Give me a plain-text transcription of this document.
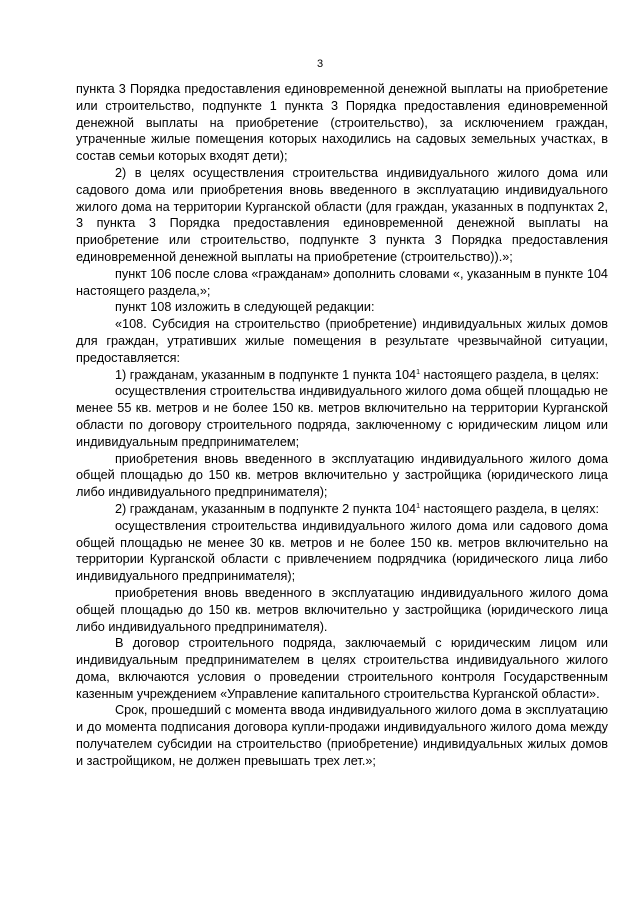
3

пункта 3 Порядка предоставления единовременной денежной выплаты на приобретение или строительство, подпункте 1 пункта 3 Порядка предоставления единовременной денежной выплаты на приобретение (строительство), за исключением граждан, утраченные жилые помещения которых находились на садовых земельных участках, в состав семьи которых входят дети);

2) в целях осуществления строительства индивидуального жилого дома или садового дома или приобретения вновь введенного в эксплуатацию индивидуального жилого дома на территории Курганской области (для граждан, указанных в подпунктах 2, 3 пункта 3 Порядка предоставления единовременной денежной выплаты на приобретение или строительство, подпункте 3 пункта 3 Порядка предоставления единовременной денежной выплаты на приобретение (строительство)).»;

пункт 106 после слова «гражданам» дополнить словами «, указанным в пункте 104 настоящего раздела,»;

пункт 108 изложить в следующей редакции:

«108. Субсидия на строительство (приобретение) индивидуальных жилых домов для граждан, утративших жилые помещения в результате чрезвычайной ситуации, предоставляется:

1) гражданам, указанным в подпункте 1 пункта $104^1$ настоящего раздела, в целях:

осуществления строительства индивидуального жилого дома общей площадью не менее 55 кв. метров и не более 150 кв. метров включительно на территории Курганской области по договору строительного подряда, заключенному с юридическим лицом или индивидуальным предпринимателем;

приобретения вновь введенного в эксплуатацию индивидуального жилого дома общей площадью до 150 кв. метров включительно у застройщика (юридического лица либо индивидуального предпринимателя);

2) гражданам, указанным в подпункте 2 пункта $104^1$ настоящего раздела, в целях:

осуществления строительства индивидуального жилого дома или садового дома общей площадью не менее 30 кв. метров и не более 150 кв. метров включительно на территории Курганской области с привлечением подрядчика (юридического лица либо индивидуального предпринимателя);

приобретения вновь введенного в эксплуатацию индивидуального жилого дома общей площадью до 150 кв. метров включительно у застройщика (юридического лица либо индивидуального предпринимателя).

В договор строительного подряда, заключаемый с юридическим лицом или индивидуальным предпринимателем в целях строительства индивидуального жилого дома, включаются условия о проведении строительного контроля Государственным казенным учреждением «Управление капитального строительства Курганской области».

Срок, прошедший с момента ввода индивидуального жилого дома в эксплуатацию и до момента подписания договора купли-продажи индивидуального жилого дома между получателем субсидии на строительство (приобретение) индивидуальных жилых домов и застройщиком, не должен превышать трех лет.»;
